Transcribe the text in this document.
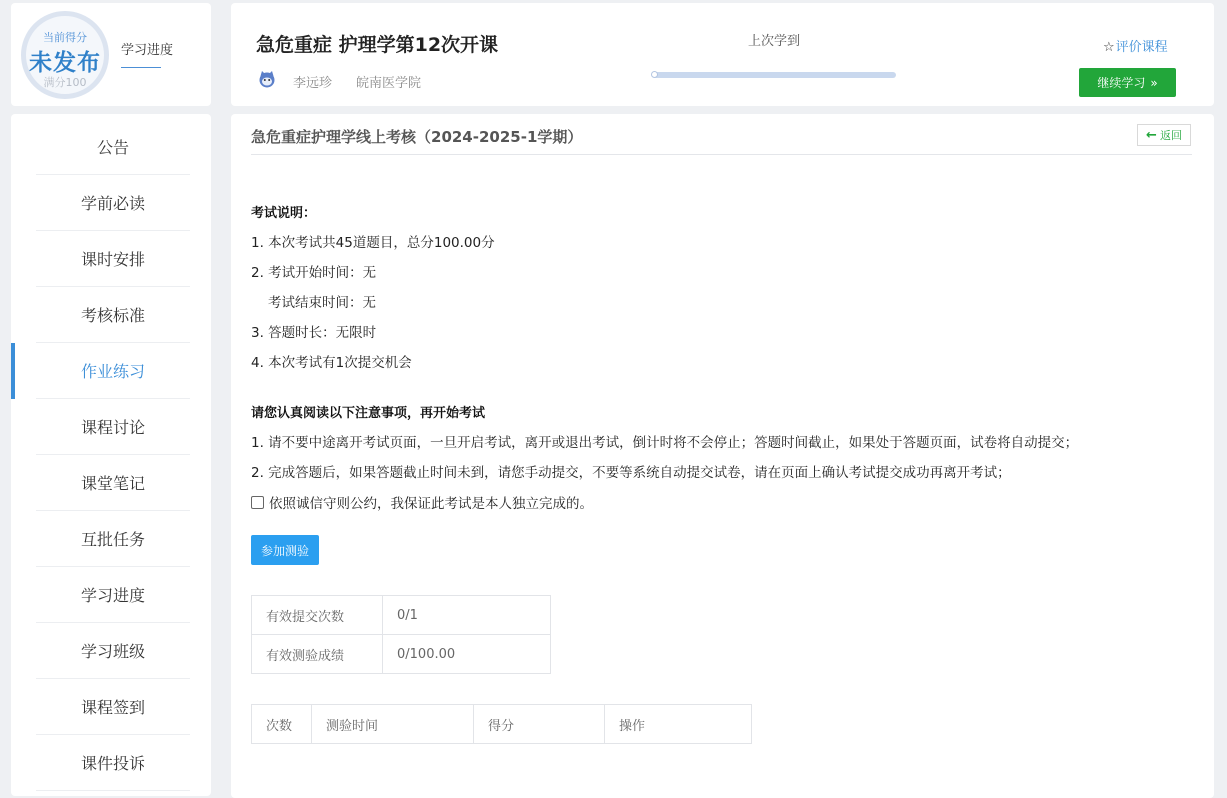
当前得分
未发布
满分100
学习进度	急危重症 护理学第12次开课
李远珍 皖南医学院
上次学到	☆评价课程
继续学习 »
公告
学前必读
课时安排
考核标准
作业练习
课程讨论
课堂笔记
互批任务
学习进度
学习班级
课程签到
课件投诉
急危重症护理学线上考核（2024-2025-1学期）	← 返回
考试说明：
1. 本次考试共45道题目，总分100.00分
2. 考试开始时间：无
考试结束时间：无
3. 答题时长：无限时
4. 本次考试有1次提交机会
请您认真阅读以下注意事项，再开始考试
1. 请不要中途离开考试页面，一旦开启考试，离开或退出考试，倒计时将不会停止；答题时间截止，如果处于答题页面，试卷将自动提交；
2. 完成答题后，如果答题截止时间未到，请您手动提交，不要等系统自动提交试卷，请在页面上确认考试提交成功再离开考试；
依照诚信守则公约，我保证此考试是本人独立完成的。
参加测验
有效提交次数	0/1
有效测验成绩	0/100.00
次数	测验时间	得分	操作
